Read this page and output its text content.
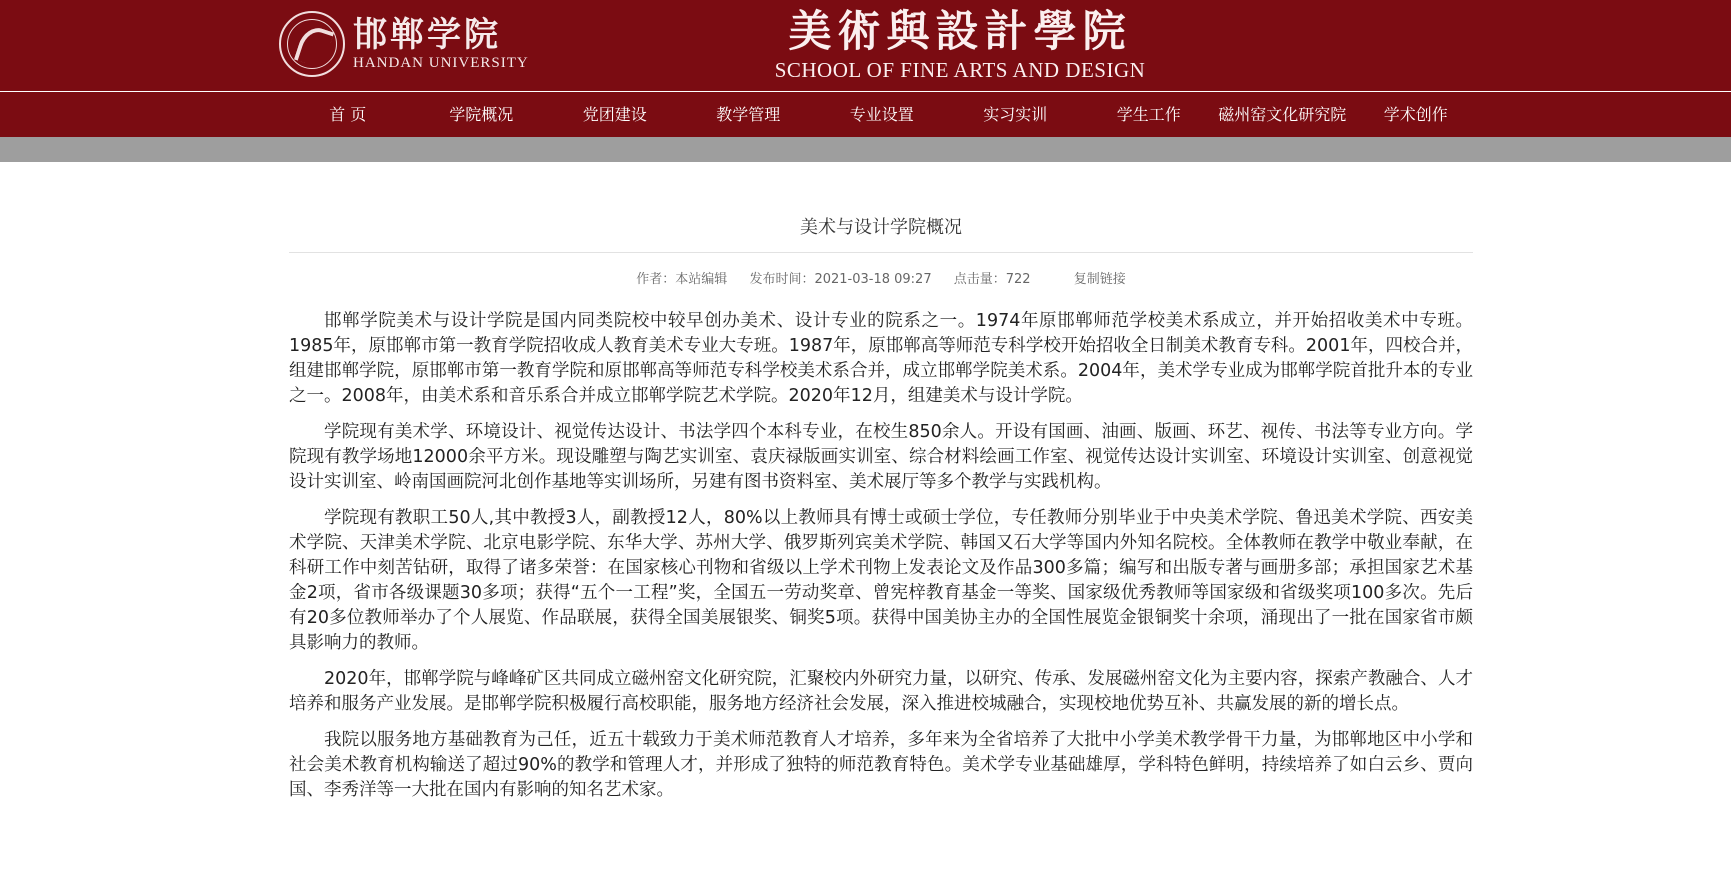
邯郸学院
HANDAN UNIVERSITY
美術與設計學院
SCHOOL OF FINE ARTS AND DESIGN
首 页	学院概况	党团建设	教学管理	专业设置	实习实训	学生工作	磁州窑文化研究院	学术创作
美术与设计学院概况
作者：本站编辑 发布时间：2021-03-18 09:27 点击量：722	复制链接

邯郸学院美术与设计学院是国内同类院校中较早创办美术、设计专业的院系之一。1974年原邯郸师范学校美术系成立，并开始招收美术中专班。1985年，原邯郸市第一教育学院招收成人教育美术专业大专班。1987年，原邯郸高等师范专科学校开始招收全日制美术教育专科。2001年，四校合并，组建邯郸学院，原邯郸市第一教育学院和原邯郸高等师范专科学校美术系合并，成立邯郸学院美术系。2004年，美术学专业成为邯郸学院首批升本的专业之一。2008年，由美术系和音乐系合并成立邯郸学院艺术学院。2020年12月，组建美术与设计学院。

学院现有美术学、环境设计、视觉传达设计、书法学四个本科专业，在校生850余人。开设有国画、油画、版画、环艺、视传、书法等专业方向。学院现有教学场地12000余平方米。现设雕塑与陶艺实训室、袁庆禄版画实训室、综合材料绘画工作室、视觉传达设计实训室、环境设计实训室、创意视觉设计实训室、岭南国画院河北创作基地等实训场所，另建有图书资料室、美术展厅等多个教学与实践机构。

学院现有教职工50人,其中教授3人，副教授12人，80%以上教师具有博士或硕士学位，专任教师分别毕业于中央美术学院、鲁迅美术学院、西安美术学院、天津美术学院、北京电影学院、东华大学、苏州大学、俄罗斯列宾美术学院、韩国又石大学等国内外知名院校。全体教师在教学中敬业奉献，在科研工作中刻苦钻研，取得了诸多荣誉：在国家核心刊物和省级以上学术刊物上发表论文及作品300多篇；编写和出版专著与画册多部；承担国家艺术基金2项，省市各级课题30多项；获得“五个一工程”奖，全国五一劳动奖章、曾宪梓教育基金一等奖、国家级优秀教师等国家级和省级奖项100多次。先后有20多位教师举办了个人展览、作品联展，获得全国美展银奖、铜奖5项。获得中国美协主办的全国性展览金银铜奖十余项，涌现出了一批在国家省市颇具影响力的教师。

2020年，邯郸学院与峰峰矿区共同成立磁州窑文化研究院，汇聚校内外研究力量，以研究、传承、发展磁州窑文化为主要内容，探索产教融合、人才培养和服务产业发展。是邯郸学院积极履行高校职能，服务地方经济社会发展，深入推进校城融合，实现校地优势互补、共赢发展的新的增长点。

我院以服务地方基础教育为己任，近五十载致力于美术师范教育人才培养，多年来为全省培养了大批中小学美术教学骨干力量，为邯郸地区中小学和社会美术教育机构输送了超过90%的教学和管理人才，并形成了独特的师范教育特色。美术学专业基础雄厚，学科特色鲜明，持续培养了如白云乡、贾向国、李秀洋等一大批在国内有影响的知名艺术家。
